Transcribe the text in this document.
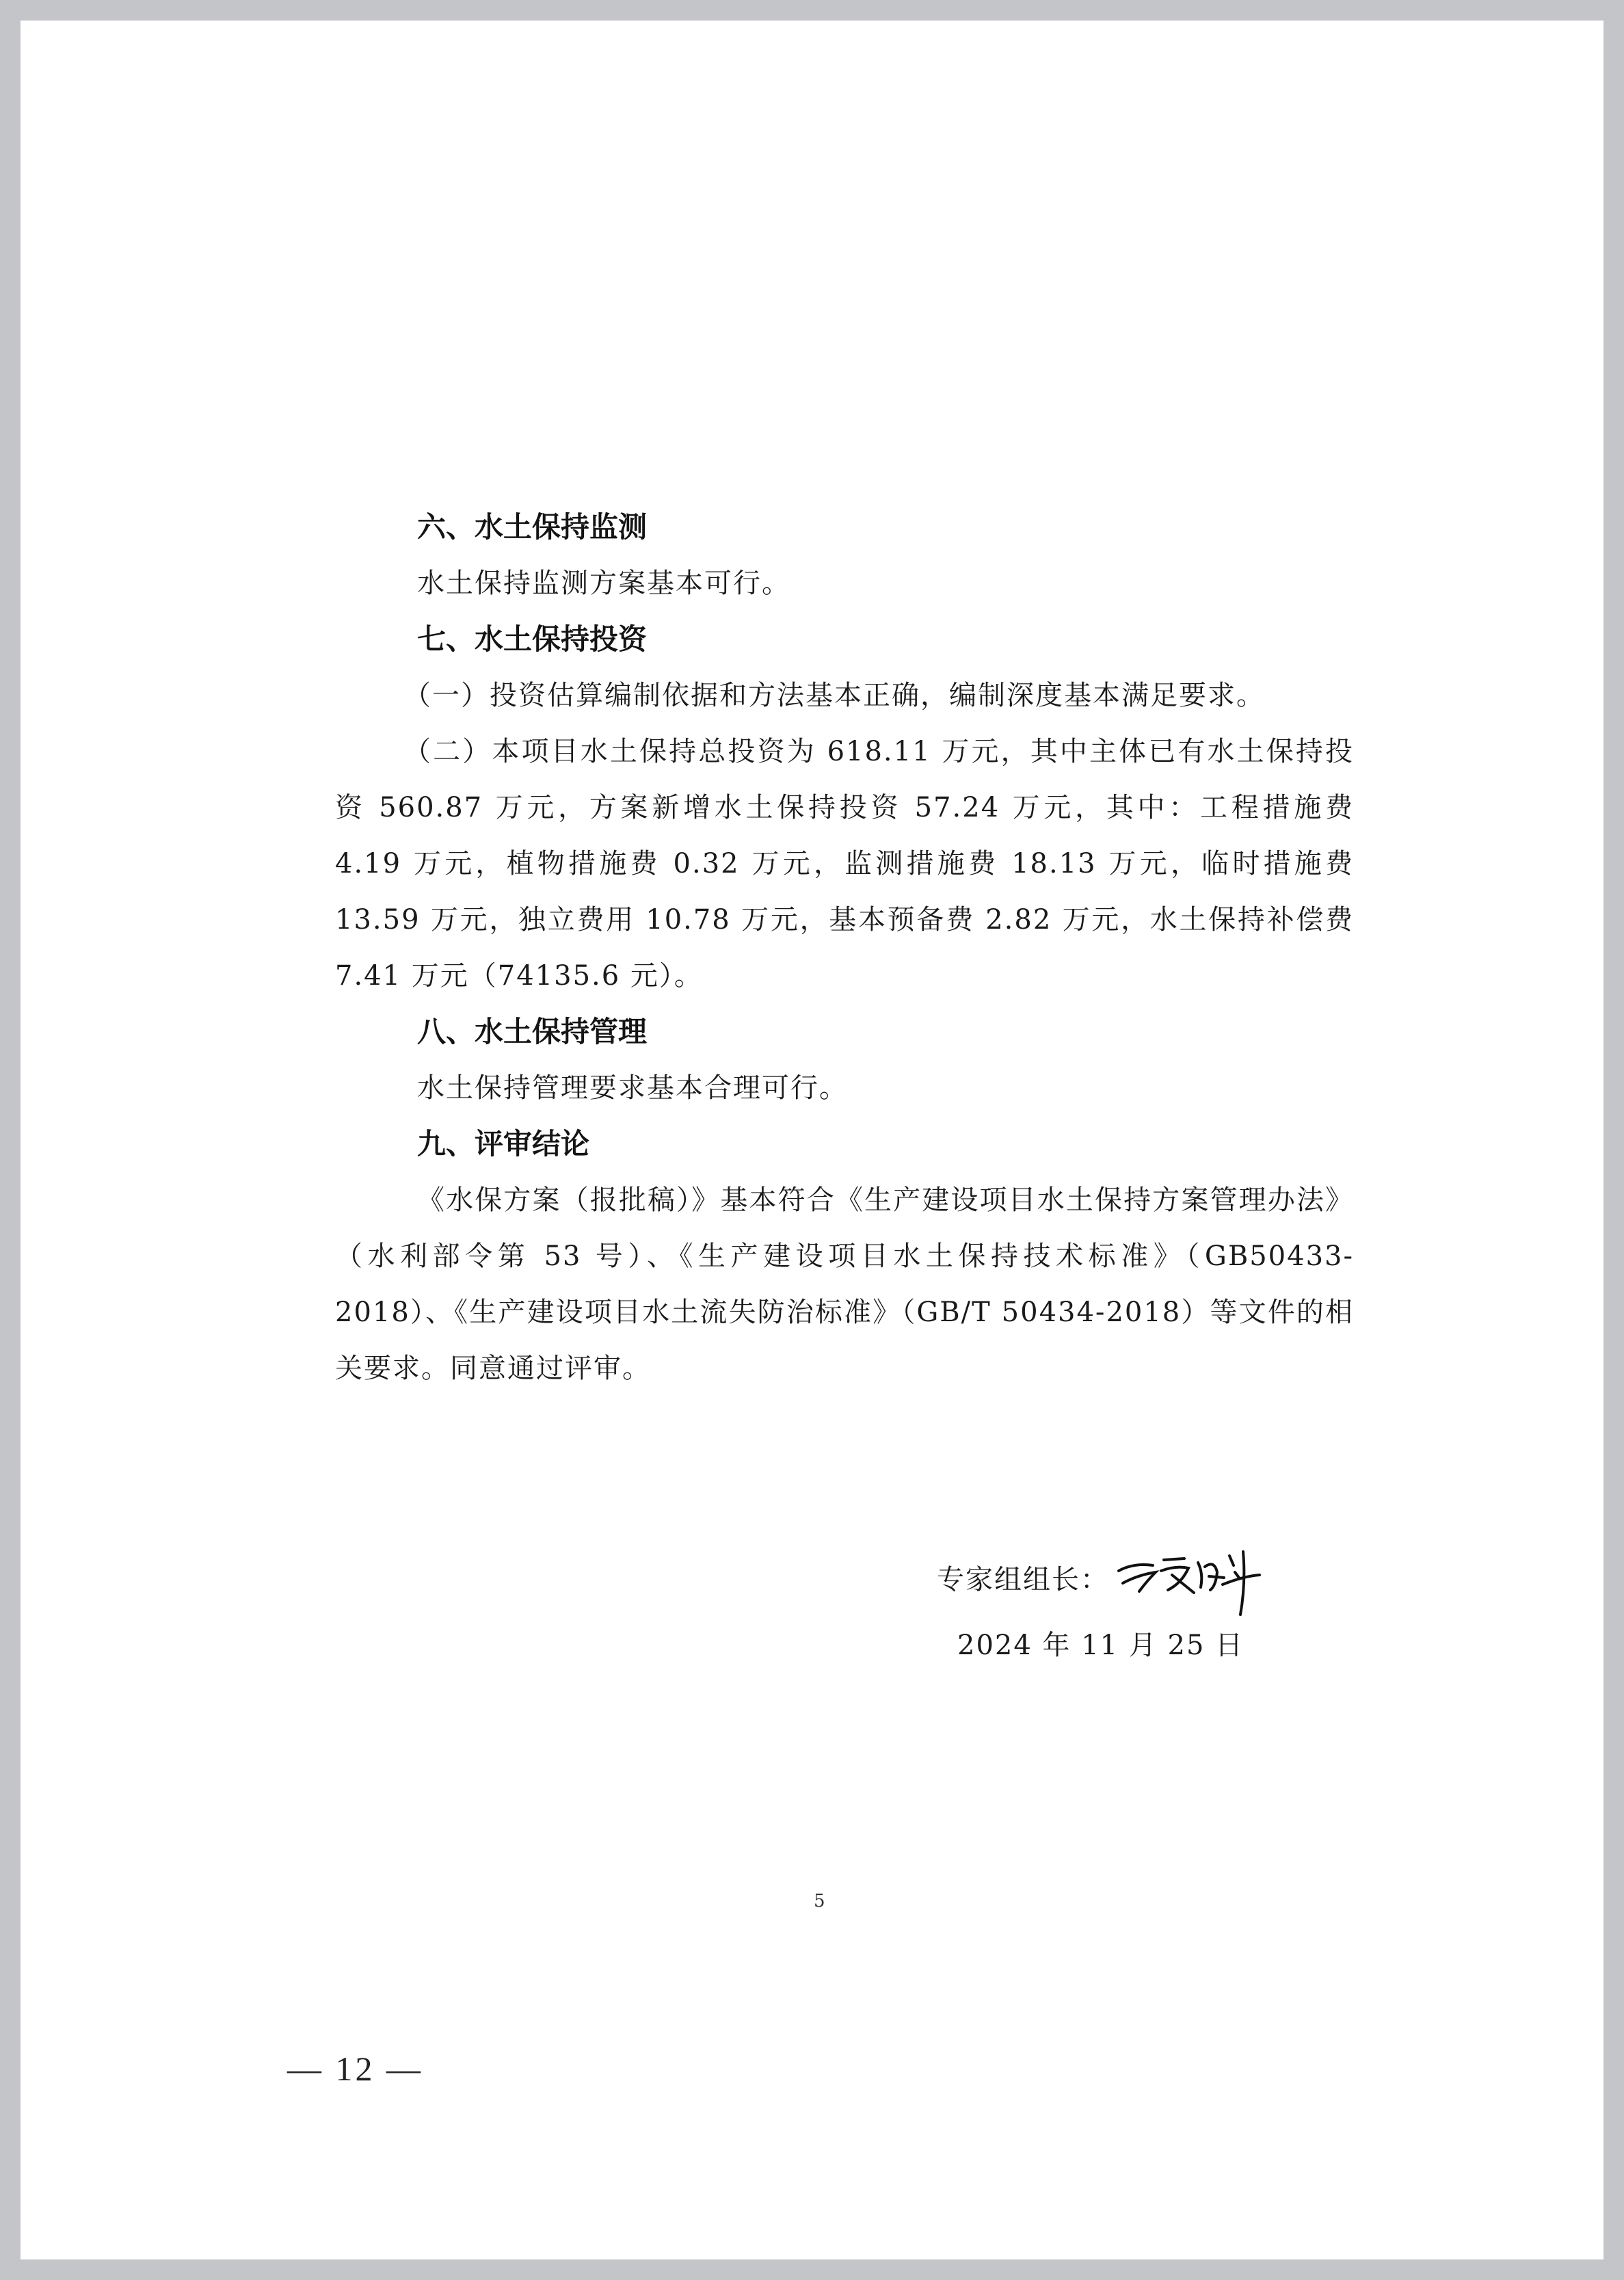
六、水土保持监测

水土保持监测方案基本可行。

七、水土保持投资

（一）投资估算编制依据和方法基本正确，编制深度基本满足要求。

（二）本项目水土保持总投资为 618.11 万元，其中主体已有水土保持投资 560.87 万元，方案新增水土保持投资 57.24 万元，其中：工程措施费 4.19 万元，植物措施费 0.32 万元，监测措施费 18.13 万元，临时措施费 13.59 万元，独立费用 10.78 万元，基本预备费 2.82 万元，水土保持补偿费 7.41 万元（74135.6 元）。

八、水土保持管理

水土保持管理要求基本合理可行。

九、评审结论

《水保方案（报批稿）》基本符合《生产建设项目水土保持方案管理办法》（水利部令第 53 号）、《生产建设项目水土保持技术标准》（GB50433-2018）、《生产建设项目水土流失防治标准》（GB/T 50434-2018）等文件的相关要求。同意通过评审。

专家组组长：
2024 年 11 月 25 日
5
— 12 —
